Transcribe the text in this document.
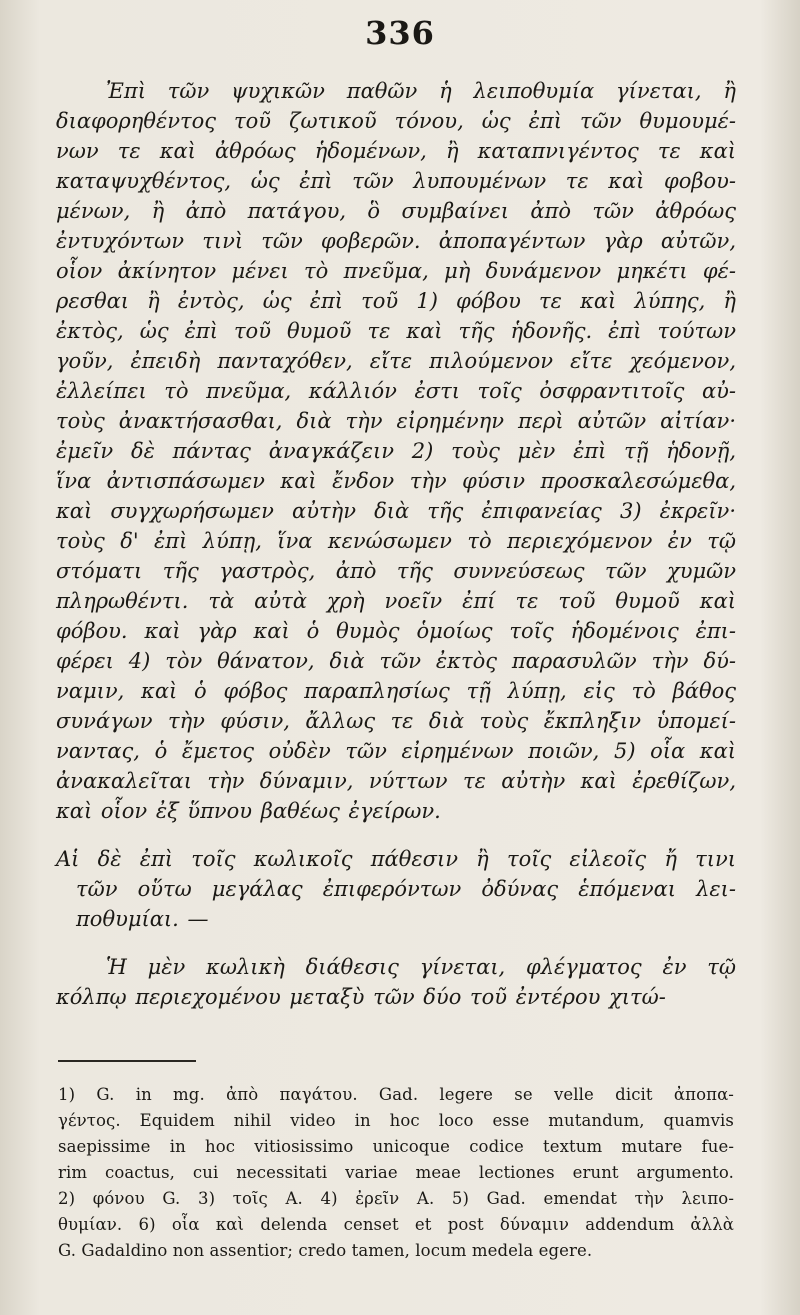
336
Ἐπὶ τῶν ψυχικῶν παθῶν ἡ λειποθυμία γίνεται, ἢ
διαφορηθέντος τοῦ ζωτικοῦ τόνου, ὡς ἐπὶ τῶν θυμουμέ-
νων τε καὶ ἀθρόως ἡδομένων, ἢ καταπνιγέντος τε καὶ
καταψυχθέντος, ὡς ἐπὶ τῶν λυπουμένων τε καὶ φοβου-
μένων, ἢ ἀπὸ πατάγου, ὃ συμβαίνει ἀπὸ τῶν ἀθρόως
ἐντυχόντων τινὶ τῶν φοβερῶν. ἀποπαγέντων γὰρ αὐτῶν,
οἷον ἀκίνητον μένει τὸ πνεῦμα, μὴ δυνάμενον μηκέτι φέ-
ρεσθαι ἢ ἐντὸς, ὡς ἐπὶ τοῦ 1) φόβου τε καὶ λύπης, ἢ
ἐκτὸς, ὡς ἐπὶ τοῦ θυμοῦ τε καὶ τῆς ἡδονῆς. ἐπὶ τούτων
γοῦν, ἐπειδὴ πανταχόθεν, εἴτε πιλούμενον εἴτε χεόμενον,
ἐλλείπει τὸ πνεῦμα, κάλλιόν ἐστι τοῖς ὀσφραντιτοῖς αὐ-
τοὺς ἀνακτήσασθαι, διὰ τὴν εἰρημένην περὶ αὐτῶν αἰτίαν·
ἐμεῖν δὲ πάντας ἀναγκάζειν 2) τοὺς μὲν ἐπὶ τῇ ἡδονῇ,
ἵνα ἀντισπάσωμεν καὶ ἔνδον τὴν φύσιν προσκαλεσώμεθα,
καὶ συγχωρήσωμεν αὐτὴν διὰ τῆς ἐπιφανείας 3) ἐκρεῖν·
τοὺς δ' ἐπὶ λύπῃ, ἵνα κενώσωμεν τὸ περιεχόμενον ἐν τῷ
στόματι τῆς γαστρὸς, ἀπὸ τῆς συννεύσεως τῶν χυμῶν
πληρωθέντι. τὰ αὐτὰ χρὴ νοεῖν ἐπί τε τοῦ θυμοῦ καὶ
φόβου. καὶ γὰρ καὶ ὁ θυμὸς ὁμοίως τοῖς ἡδομένοις ἐπι-
φέρει 4) τὸν θάνατον, διὰ τῶν ἐκτὸς παρασυλῶν τὴν δύ-
ναμιν, καὶ ὁ φόβος παραπλησίως τῇ λύπῃ, εἰς τὸ βάθος
συνάγων τὴν φύσιν, ἄλλως τε διὰ τοὺς ἔκπληξιν ὑπομεί-
ναντας, ὁ ἔμετος οὐδὲν τῶν εἰρημένων ποιῶν, 5) οἷα καὶ
ἀνακαλεῖται τὴν δύναμιν, νύττων τε αὐτὴν καὶ ἐρεθίζων,
καὶ οἷον ἐξ ὕπνου βαθέως ἐγείρων.
Αἱ δὲ ἐπὶ τοῖς κωλικοῖς πάθεσιν ἢ τοῖς εἰλεοῖς ἤ τινι
τῶν οὕτω μεγάλας ἐπιφερόντων ὀδύνας ἑπόμεναι λει-
ποθυμίαι. —
Ἡ μὲν κωλικὴ διάθεσις γίνεται, φλέγματος ἐν τῷ
κόλπῳ περιεχομένου μεταξὺ τῶν δύο τοῦ ἐντέρου χιτώ-
1) G. in mg. ἀπὸ παγάτου. Gad. legere se velle dicit ἀποπα-
γέντος. Equidem nihil video in hoc loco esse mutandum, quamvis
saepissime in hoc vitiosissimo unicoque codice textum mutare fue-
rim coactus, cui necessitati variae meae lectiones erunt argumento.
2) φόνου G. 3) τοῖς A. 4) ἐρεῖν A. 5) Gad. emendat τὴν λειπο-
θυμίαν. 6) οἷα καὶ delenda censet et post δύναμιν addendum ἀλλὰ
G. Gadaldino non assentior; credo tamen, locum medela egere.
